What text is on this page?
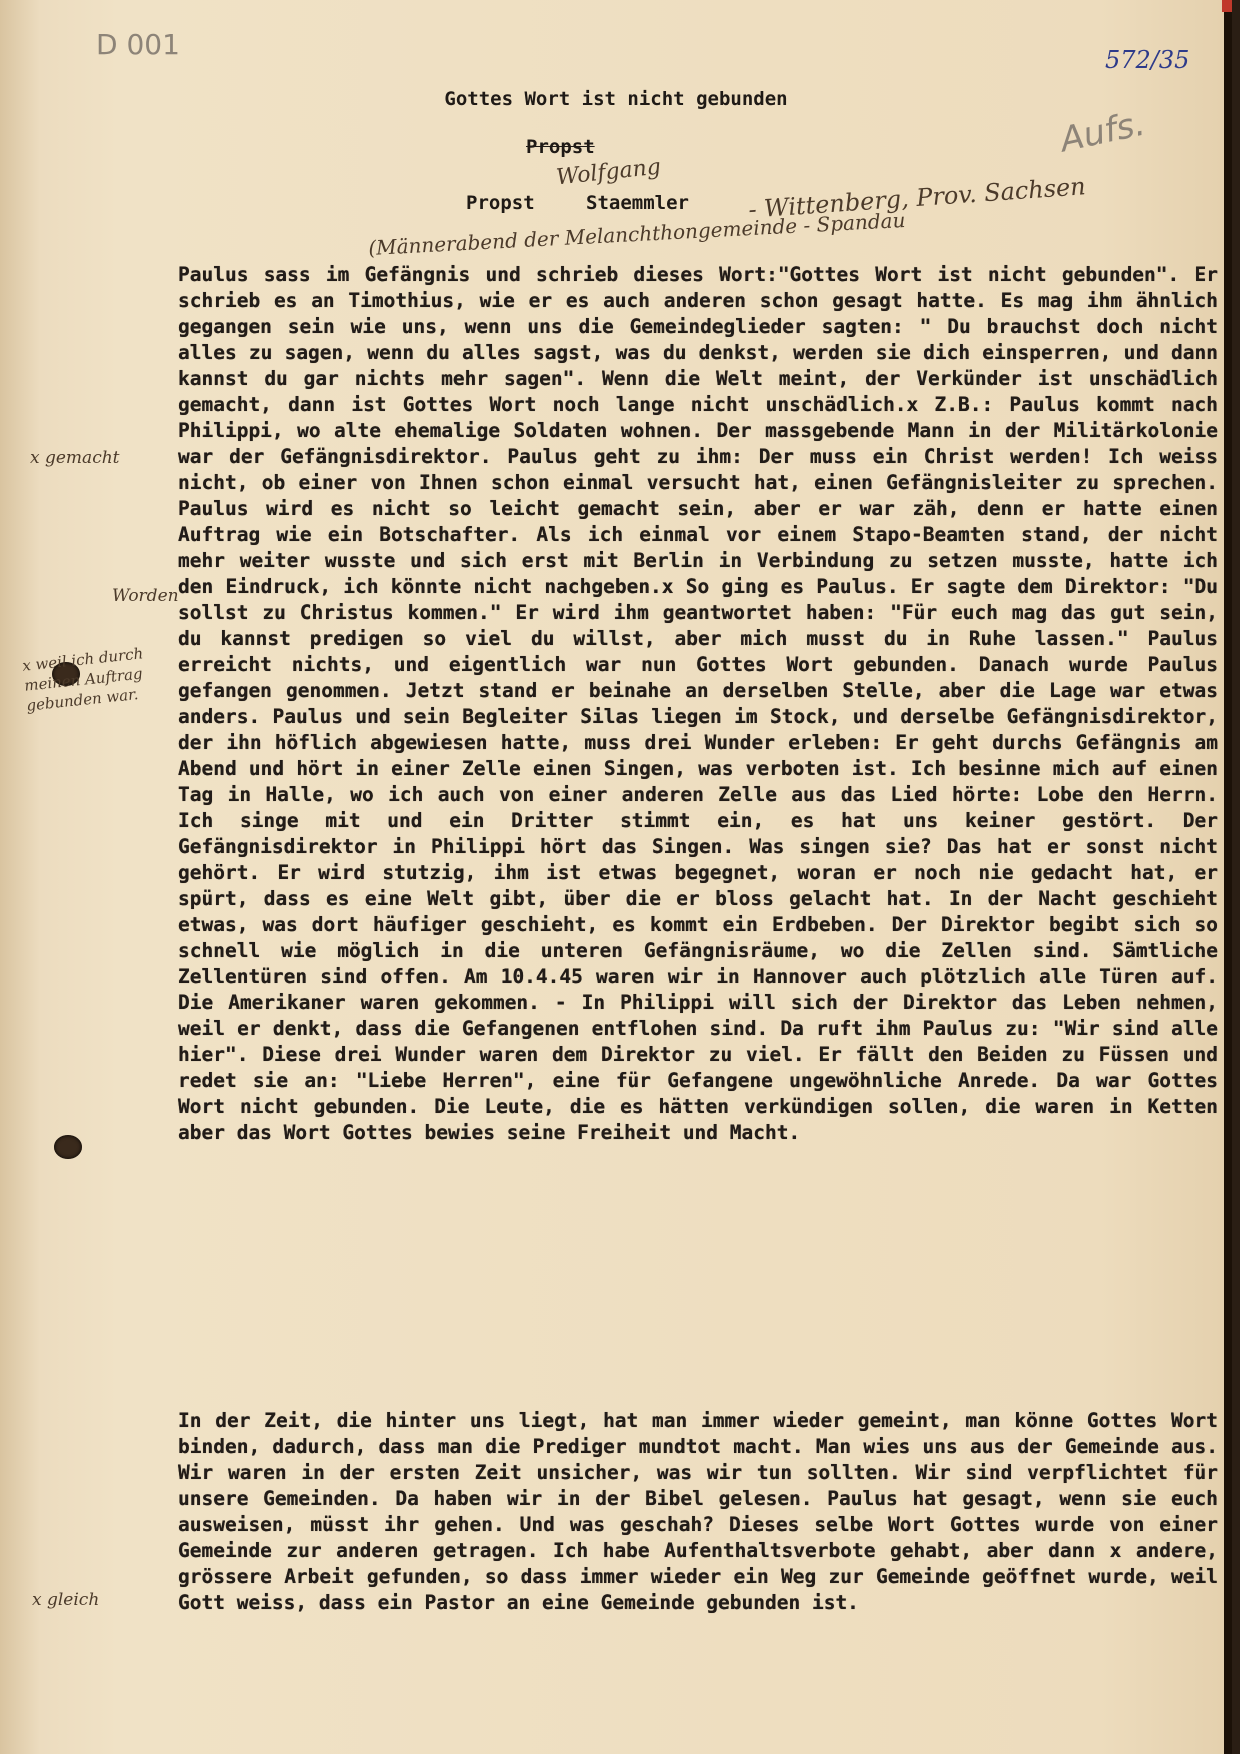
D 001	572/35
Aufs.
Gottes Wort ist nicht gebunden
Propst
Wolfgang
Propst	Staemmler - Wittenberg, Prov. Sachsen
(Männerabend der Melanchthongemeinde - Spandau

Paulus sass im Gefängnis und schrieb dieses Wort:"Gottes Wort ist nicht gebunden". Er schrieb es an Timothius, wie er es auch anderen schon gesagt hatte. Es mag ihm ähnlich gegangen sein wie uns, wenn uns die Gemeindeglieder sagten: " Du brauchst doch nicht alles zu sagen, wenn du alles sagst, was du denkst, werden sie dich einsperren, und dann kannst du gar nichts mehr sagen". Wenn die Welt meint, der Verkünder ist unschädlich gemacht, dann ist Gottes Wort noch lange nicht unschädlich.x Z.B.: Paulus kommt nach Philippi, wo alte ehemalige Soldaten wohnen. Der massgebende Mann in der Militärkolonie war der Gefängnisdirektor. Paulus geht zu ihm: Der muss ein Christ werden! Ich weiss nicht, ob einer von Ihnen schon einmal versucht hat, einen Gefängnisleiter zu sprechen. Paulus wird es nicht so leicht gemacht sein, aber er war zäh, denn er hatte einen Auftrag wie ein Botschafter. Als ich einmal vor einem Stapo-Beamten stand, der nicht mehr weiter wusste und sich erst mit Berlin in Verbindung zu setzen musste, hatte ich den Eindruck, ich könnte nicht nachgeben.x So ging es Paulus. Er sagte dem Direktor: "Du sollst zu Christus kommen." Er wird ihm geantwortet haben: "Für euch mag das gut sein, du kannst predigen so viel du willst, aber mich musst du in Ruhe lassen." Paulus erreicht nichts, und eigentlich war nun Gottes Wort gebunden. Danach wurde Paulus gefangen genommen. Jetzt stand er beinahe an derselben Stelle, aber die Lage war etwas anders. Paulus und sein Begleiter Silas liegen im Stock, und derselbe Gefängnisdirektor, der ihn höflich abgewiesen hatte, muss drei Wunder erleben: Er geht durchs Gefängnis am Abend und hört in einer Zelle einen Singen, was verboten ist. Ich besinne mich auf einen Tag in Halle, wo ich auch von einer anderen Zelle aus das Lied hörte: Lobe den Herrn. Ich singe mit und ein Dritter stimmt ein, es hat uns keiner gestört. Der Gefängnisdirektor in Philippi hört das Singen. Was singen sie? Das hat er sonst nicht gehört. Er wird stutzig, ihm ist etwas begegnet, woran er noch nie gedacht hat, er spürt, dass es eine Welt gibt, über die er bloss gelacht hat. In der Nacht geschieht etwas, was dort häufiger geschieht, es kommt ein Erdbeben. Der Direktor begibt sich so schnell wie möglich in die unteren Gefängnisräume, wo die Zellen sind. Sämtliche Zellentüren sind offen. Am 10.4.45 waren wir in Hannover auch plötzlich alle Türen auf. Die Amerikaner waren gekommen. - In Philippi will sich der Direktor das Leben nehmen, weil er denkt, dass die Gefangenen entflohen sind. Da ruft ihm Paulus zu: "Wir sind alle hier". Diese drei Wunder waren dem Direktor zu viel. Er fällt den Beiden zu Füssen und redet sie an: "Liebe Herren", eine für Gefangene ungewöhnliche Anrede. Da war Gottes Wort nicht gebunden. Die Leute, die es hätten verkündigen sollen, die waren in Ketten aber das Wort Gottes bewies seine Freiheit und Macht.

In der Zeit, die hinter uns liegt, hat man immer wieder gemeint, man könne Gottes Wort binden, dadurch, dass man die Prediger mundtot macht. Man wies uns aus der Gemeinde aus. Wir waren in der ersten Zeit unsicher, was wir tun sollten. Wir sind verpflichtet für unsere Gemeinden. Da haben wir in der Bibel gelesen. Paulus hat gesagt, wenn sie euch ausweisen, müsst ihr gehen. Und was geschah? Dieses selbe Wort Gottes wurde von einer Gemeinde zur anderen getragen. Ich habe Aufenthaltsverbote gehabt, aber dann x andere, grössere Arbeit gefunden, so dass immer wieder ein Weg zur Gemeinde geöffnet wurde, weil Gott weiss, dass ein Pastor an eine Gemeinde gebunden ist.

x gemacht
Worden
x weil ich durch meinen Auftrag gebunden war.
x gleich
